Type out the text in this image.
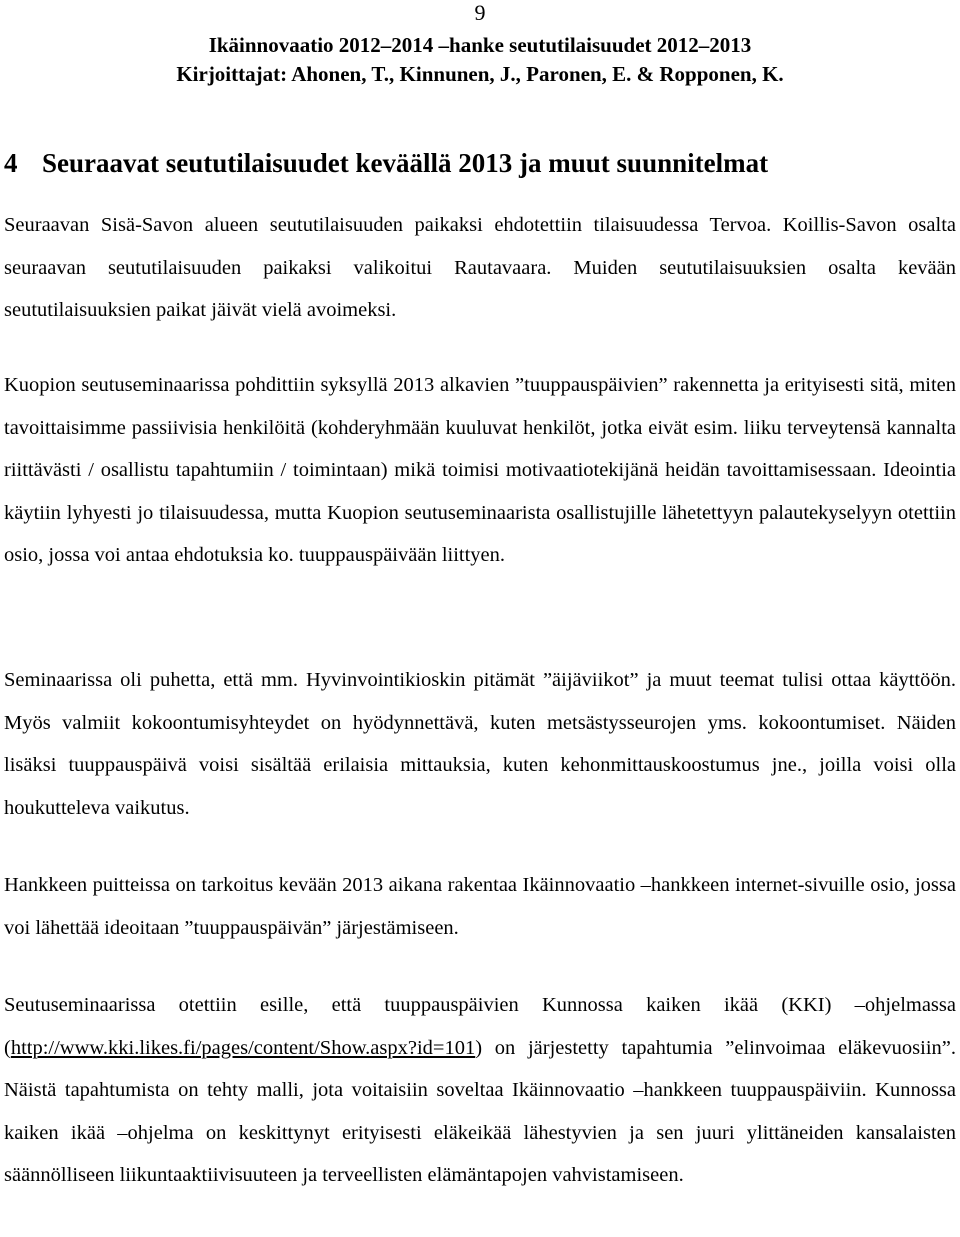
9
Ikäinnovaatio 2012–2014 –hanke seututilaisuudet 2012–2013
Kirjoittajat: Ahonen, T., Kinnunen, J., Paronen, E. & Ropponen, K.
4 Seuraavat seututilaisuudet keväällä 2013 ja muut suunnitelmat

Seuraavan Sisä-Savon alueen seututilaisuuden paikaksi ehdotettiin tilaisuudessa Tervoa. Koillis-Savon osalta seuraavan seututilaisuuden paikaksi valikoitui Rautavaara. Muiden seututilaisuuksien osalta kevään seututilaisuuksien paikat jäivät vielä avoimeksi.

Kuopion seutuseminaarissa pohdittiin syksyllä 2013 alkavien ”tuuppauspäivien” rakennetta ja erityisesti sitä, miten tavoittaisimme passiivisia henkilöitä (kohderyhmään kuuluvat henkilöt, jotka eivät esim. liiku terveytensä kannalta riittävästi / osallistu tapahtumiin / toimintaan) mikä toimisi motivaatiotekijänä heidän tavoittamisessaan. Ideointia käytiin lyhyesti jo tilaisuudessa, mutta Kuopion seutuseminaarista osallistujille lähetettyyn palautekyselyyn otettiin osio, jossa voi antaa ehdotuksia ko. tuuppauspäivään liittyen.

Seminaarissa oli puhetta, että mm. Hyvinvointikioskin pitämät ”äijäviikot” ja muut teemat tulisi ottaa käyttöön. Myös valmiit kokoontumisyhteydet on hyödynnettävä, kuten metsästysseurojen yms. kokoontumiset. Näiden lisäksi tuuppauspäivä voisi sisältää erilaisia mittauksia, kuten kehonmittauskoostumus jne., joilla voisi olla houkutteleva vaikutus.

Hankkeen puitteissa on tarkoitus kevään 2013 aikana rakentaa Ikäinnovaatio –hankkeen internet-sivuille osio, jossa voi lähettää ideoitaan ”tuuppauspäivän” järjestämiseen.

Seutuseminaarissa otettiin esille, että tuuppauspäivien Kunnossa kaiken ikää (KKI) –ohjelmassa (http://www.kki.likes.fi/pages/content/Show.aspx?id=101) on järjestetty tapahtumia ”elinvoimaa eläkevuosiin”. Näistä tapahtumista on tehty malli, jota voitaisiin soveltaa Ikäinnovaatio –hankkeen tuuppauspäiviin. Kunnossa kaiken ikää –ohjelma on keskittynyt erityisesti eläkeikää lähestyvien ja sen juuri ylittäneiden kansalaisten säännölliseen liikuntaaktiivisuuteen ja terveellisten elämäntapojen vahvistamiseen.
